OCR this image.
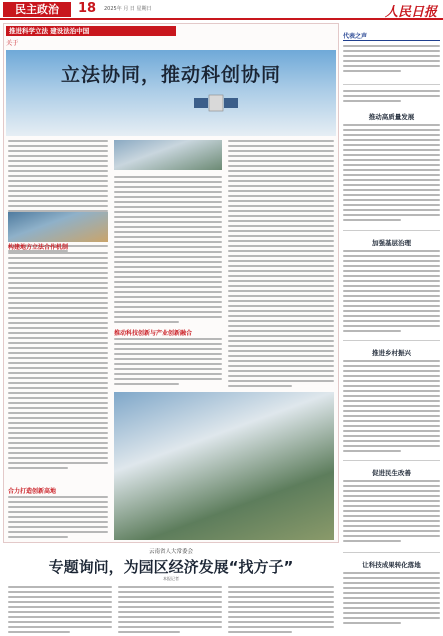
民主政治	18 2025年 月 日 星期日	人民日报
推进科学立法 建设法治中国
关于
立法协同，推动科创协同
构建地方立法合作机制
合力打造创新高地
推动科技创新与产业创新融合
代表之声
推动高质量发展
加强基层治理
推进乡村振兴
促进民生改善
让科技成果转化落地
云南省人大常委会
专题询问，为园区经济发展“找方子”
本报记者
